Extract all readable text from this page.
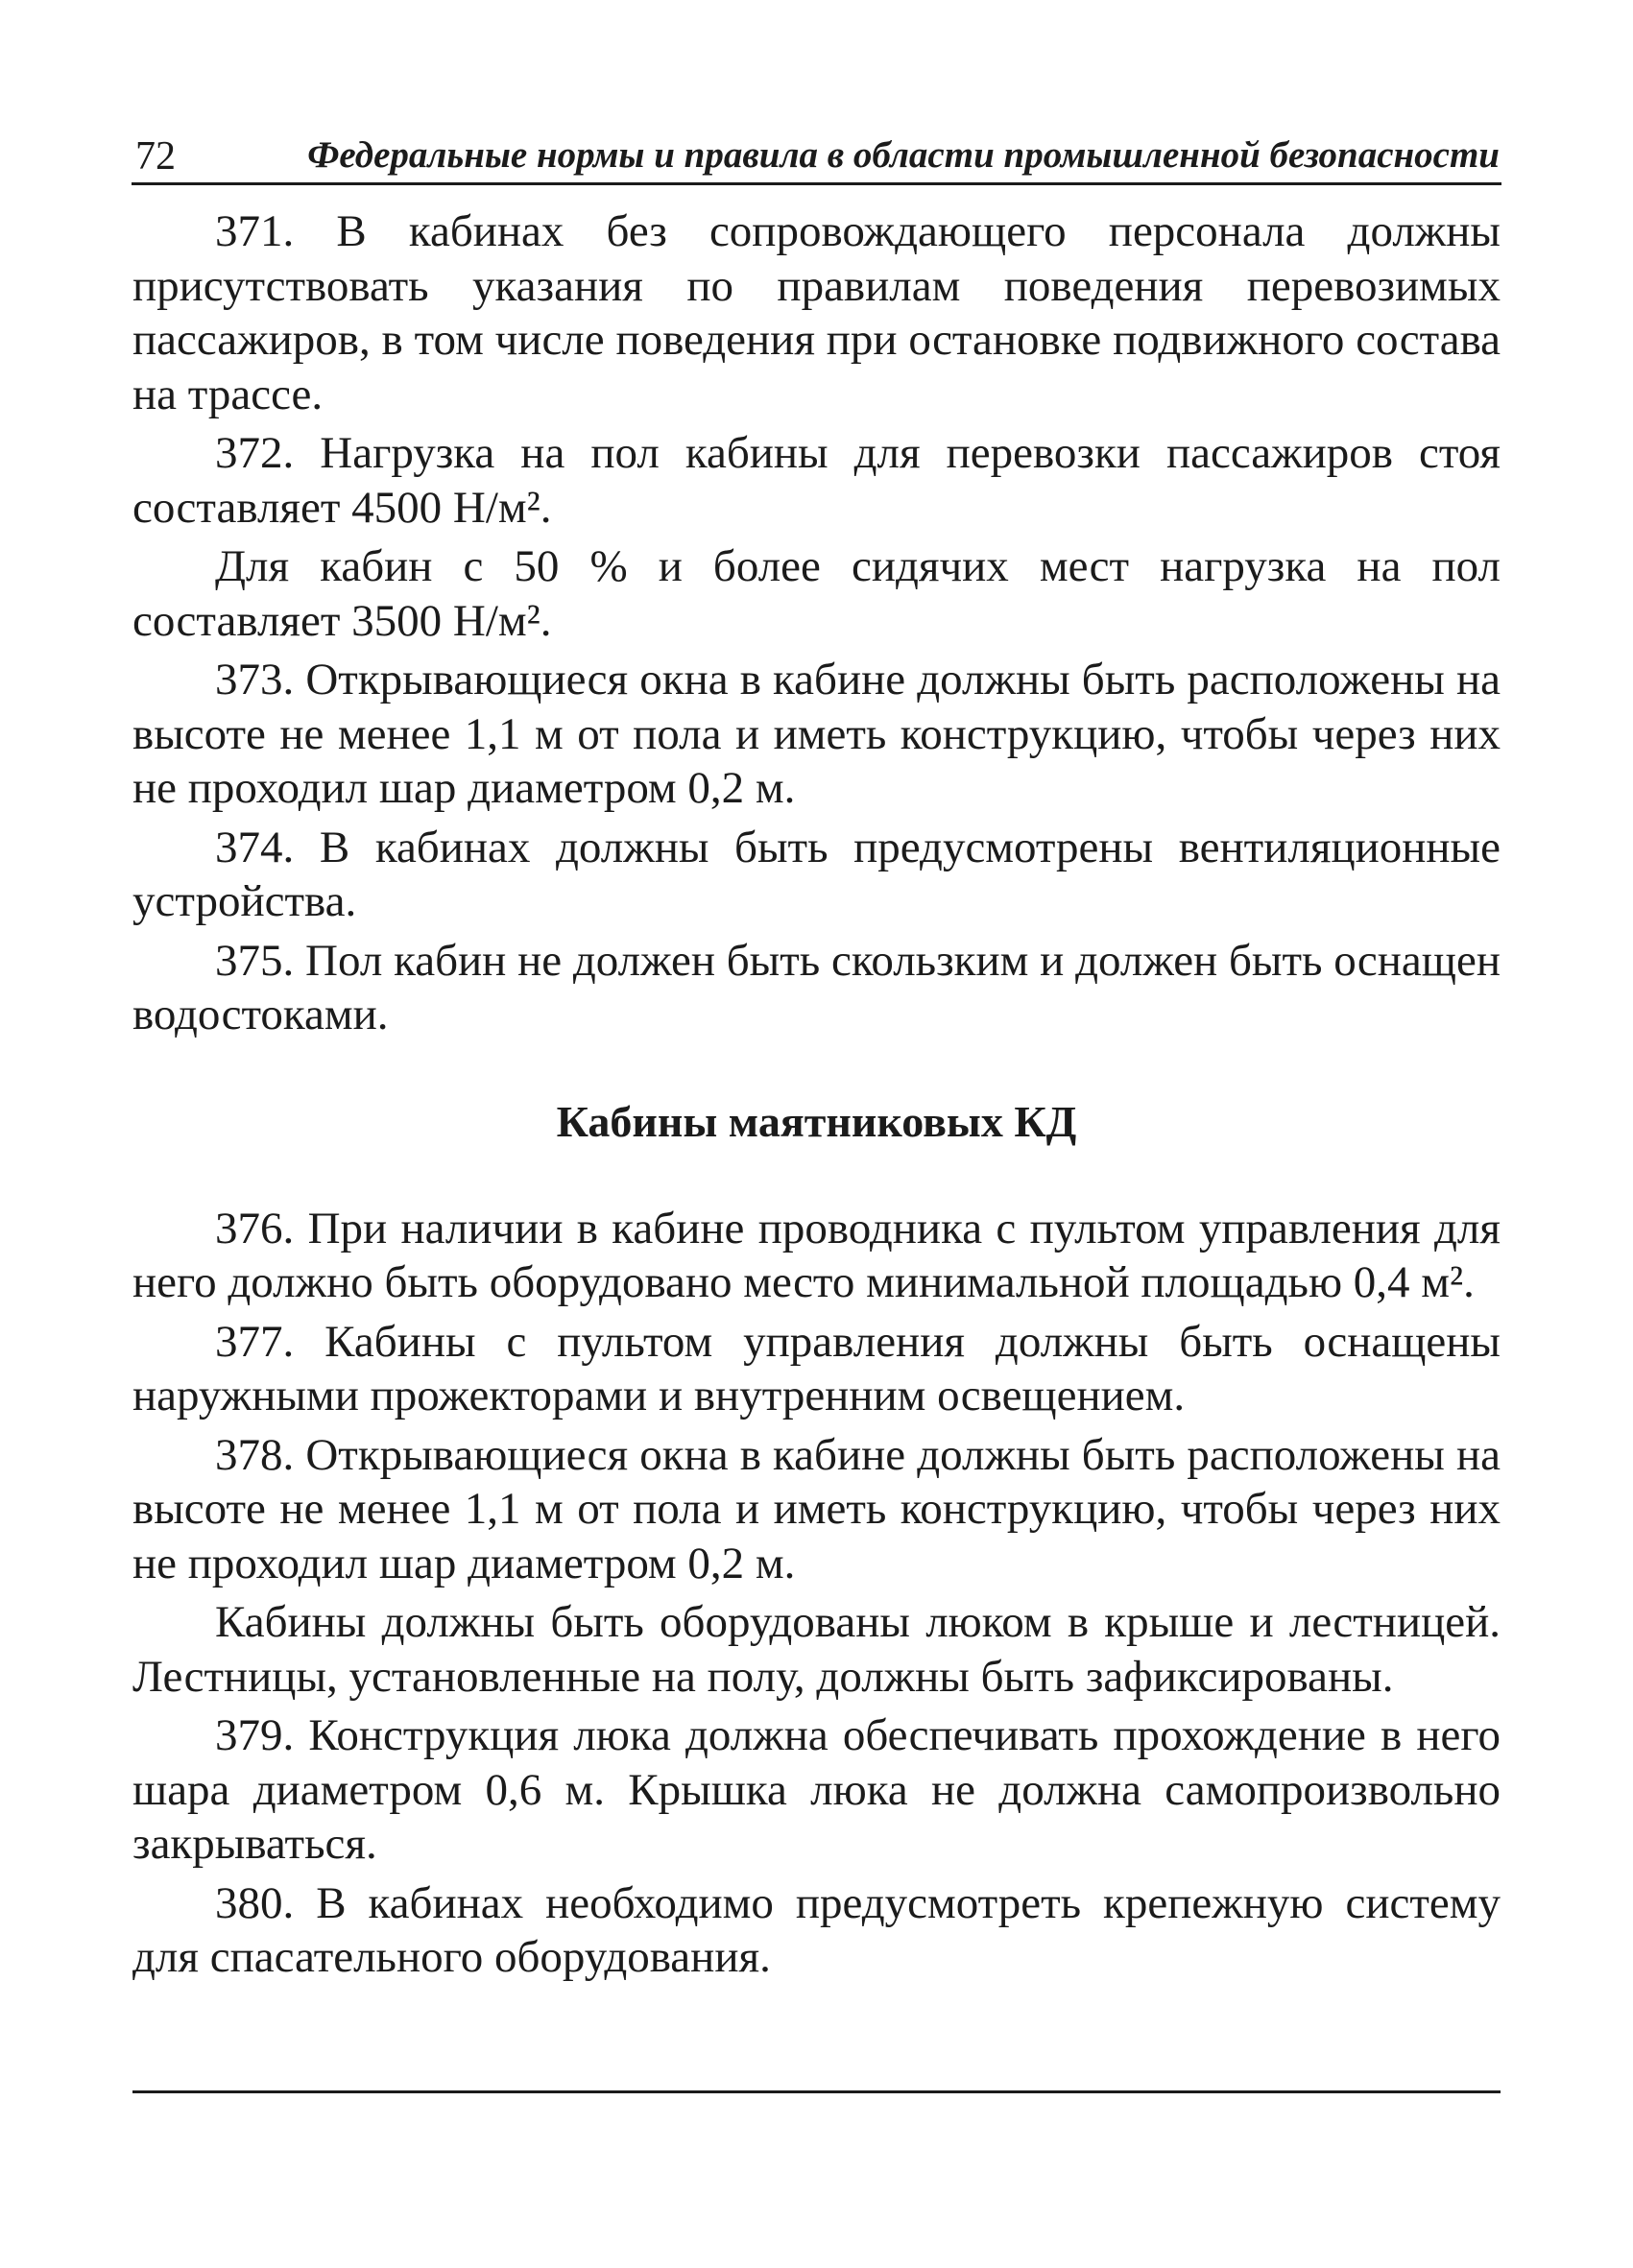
72	Федеральные нормы и правила в области промышленной безопасности

371. В кабинах без сопровождающего персонала должны присутствовать указания по правилам поведения перевозимых пассажиров, в том числе поведения при остановке подвижного состава на трассе.

372. Нагрузка на пол кабины для перевозки пассажиров стоя составляет 4500 Н/м².

Для кабин с 50 % и более сидячих мест нагрузка на пол составляет 3500 Н/м².

373. Открывающиеся окна в кабине должны быть расположены на высоте не менее 1,1 м от пола и иметь конструкцию, чтобы через них не проходил шар диаметром 0,2 м.

374. В кабинах должны быть предусмотрены вентиляционные устройства.

375. Пол кабин не должен быть скользким и должен быть оснащен водостоками.

Кабины маятниковых КД

376. При наличии в кабине проводника с пультом управления для него должно быть оборудовано место минимальной площадью 0,4 м².

377. Кабины с пультом управления должны быть оснащены наружными прожекторами и внутренним освещением.

378. Открывающиеся окна в кабине должны быть расположены на высоте не менее 1,1 м от пола и иметь конструкцию, чтобы через них не проходил шар диаметром 0,2 м.

Кабины должны быть оборудованы люком в крыше и лестницей. Лестницы, установленные на полу, должны быть зафиксированы.

379. Конструкция люка должна обеспечивать прохождение в него шара диаметром 0,6 м. Крышка люка не должна самопроизвольно закрываться.

380. В кабинах необходимо предусмотреть крепежную систему для спасательного оборудования.
